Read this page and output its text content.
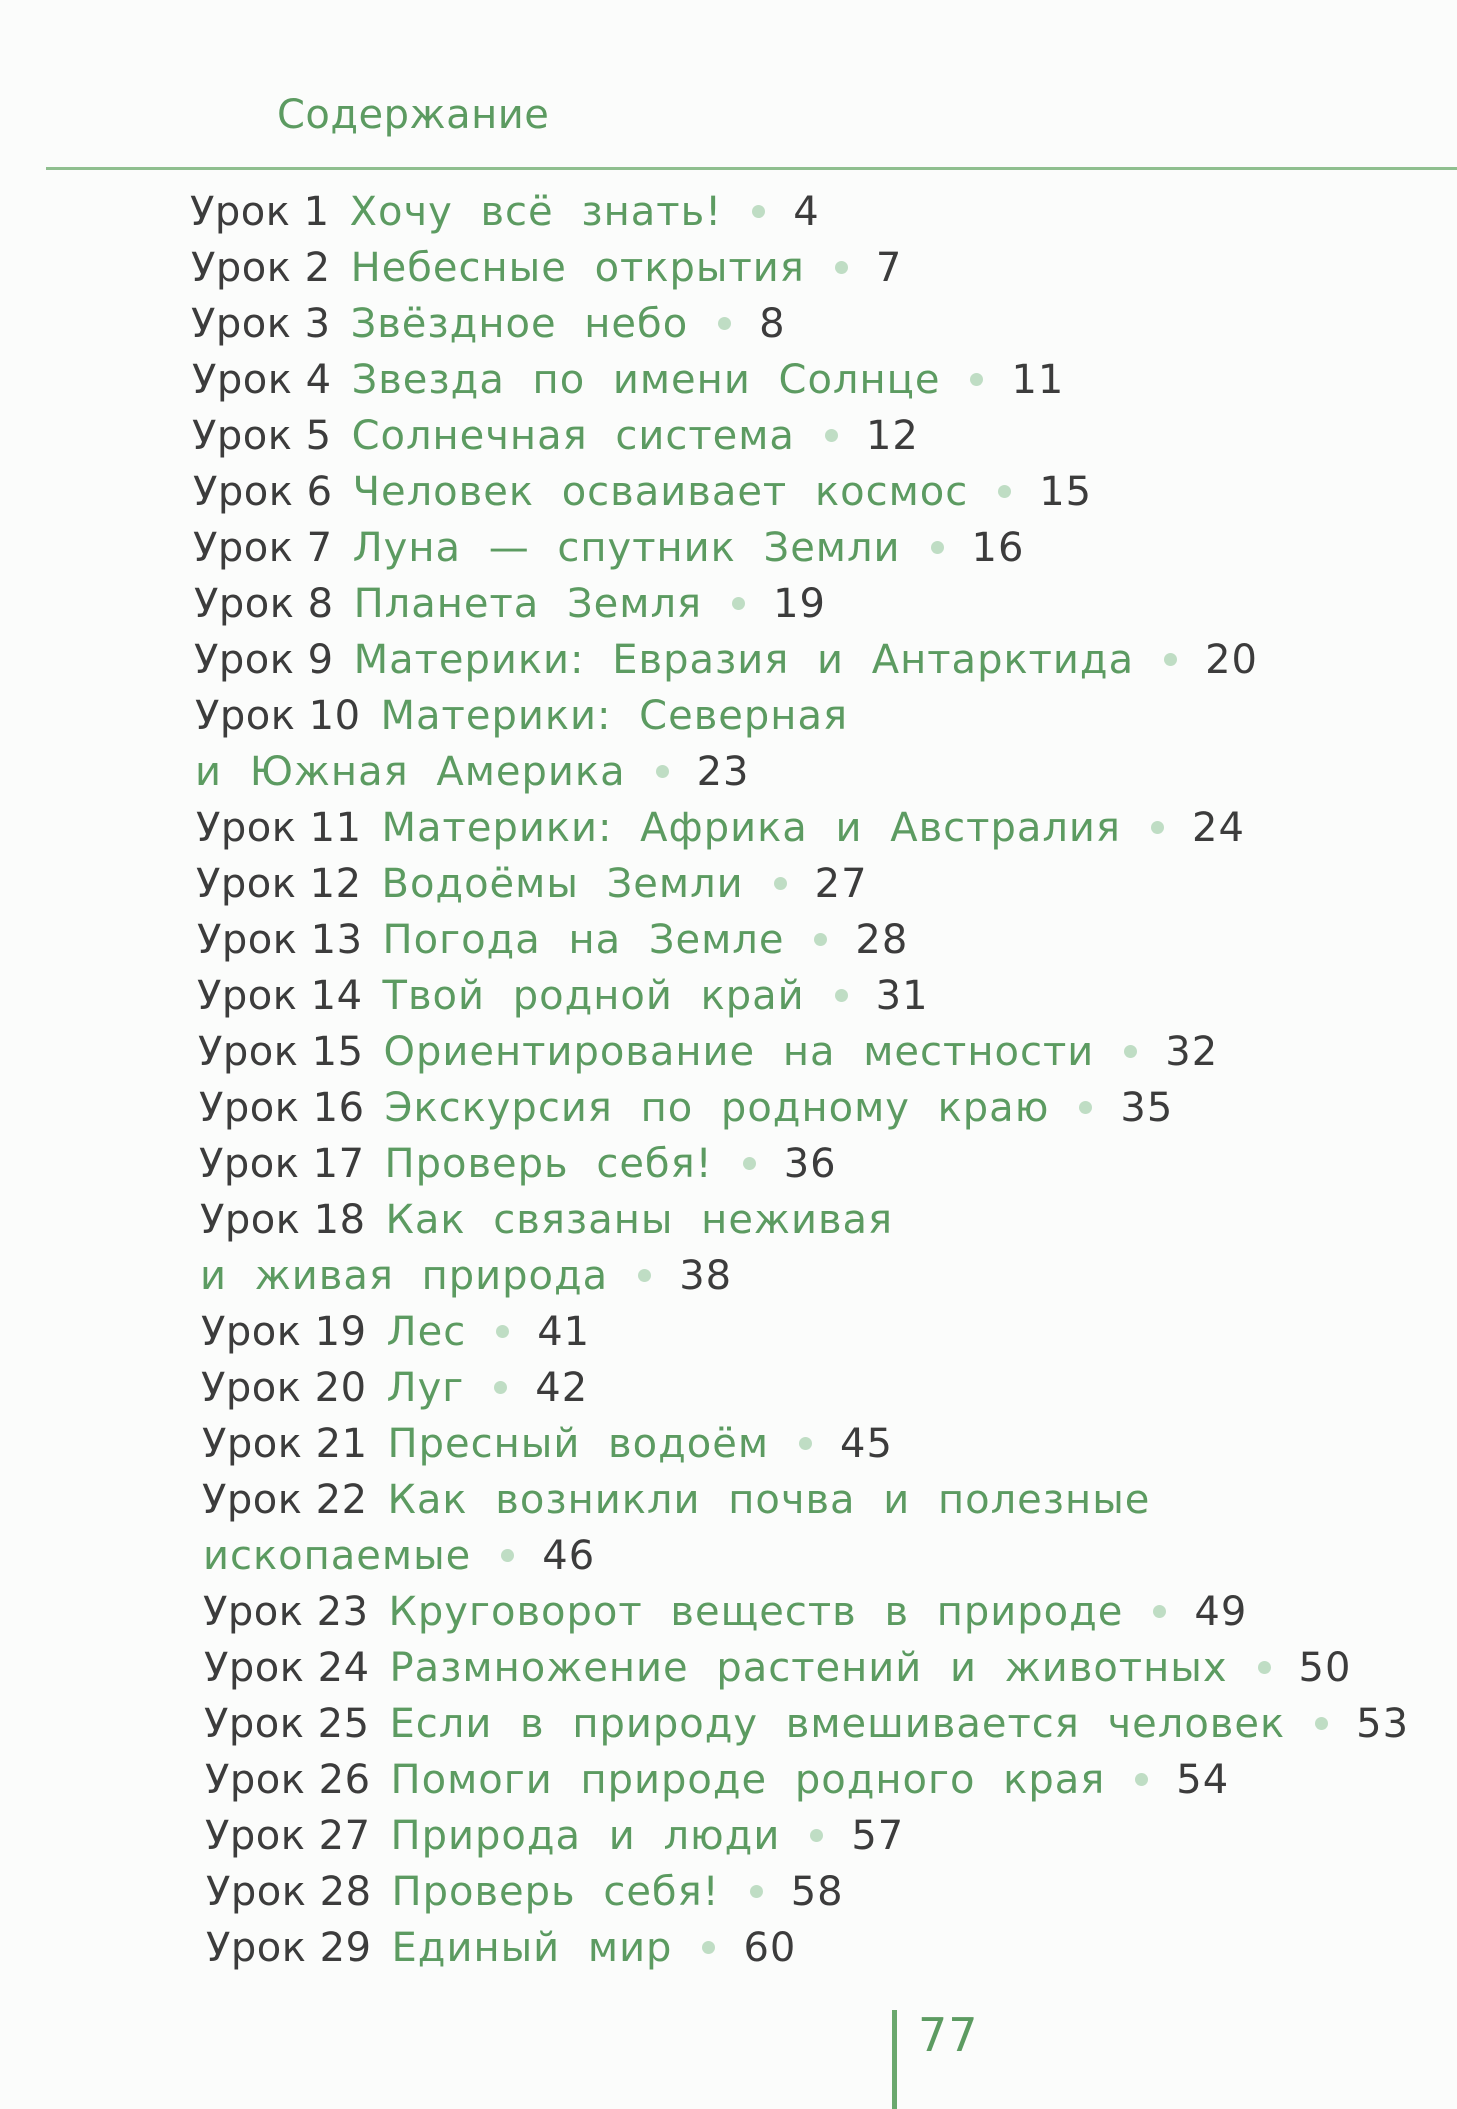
Содержание
Урок 1 Хочу всё знать! 4
Урок 2 Небесные открытия 7
Урок 3 Звёздное небо 8
Урок 4 Звезда по имени Солнце 11
Урок 5 Солнечная система 12
Урок 6 Человек осваивает космос 15
Урок 7 Луна — спутник Земли 16
Урок 8 Планета Земля 19
Урок 9 Материки: Евразия и Антарктида 20
Урок 10 Материки: Северная
и Южная Америка 23
Урок 11 Материки: Африка и Австралия 24
Урок 12 Водоёмы Земли 27
Урок 13 Погода на Земле 28
Урок 14 Твой родной край 31
Урок 15 Ориентирование на местности 32
Урок 16 Экскурсия по родному краю 35
Урок 17 Проверь себя! 36
Урок 18 Как связаны неживая
и живая природа 38
Урок 19 Лес 41
Урок 20 Луг 42
Урок 21 Пресный водоём 45
Урок 22 Как возникли почва и полезные
ископаемые 46
Урок 23 Круговорот веществ в природе 49
Урок 24 Размножение растений и животных 50
Урок 25 Если в природу вмешивается человек 53
Урок 26 Помоги природе родного края 54
Урок 27 Природа и люди 57
Урок 28 Проверь себя! 58
Урок 29 Единый мир 60
77
